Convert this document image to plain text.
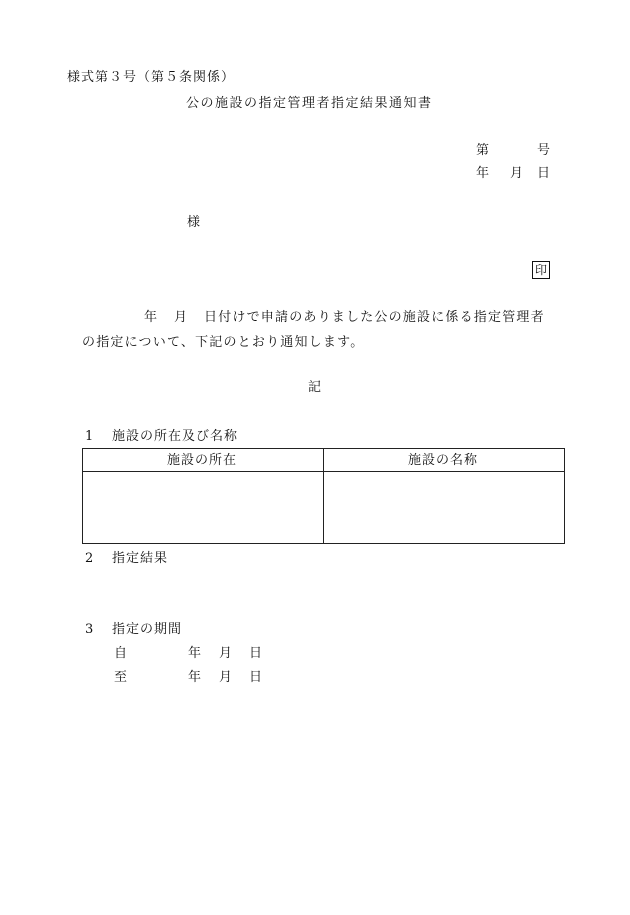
様式第３号（第５条関係）
公の施設の指定管理者指定結果通知書
第	号
年 月 日
様
印
年 月 日付けで申請のありました公の施設に係る指定管理者
の指定について、下記のとおり通知します。
記
1 施設の所在及び名称
施設の所在	施設の名称
2 指定結果
3 指定の期間
自	年 月 日
至	年 月 日
